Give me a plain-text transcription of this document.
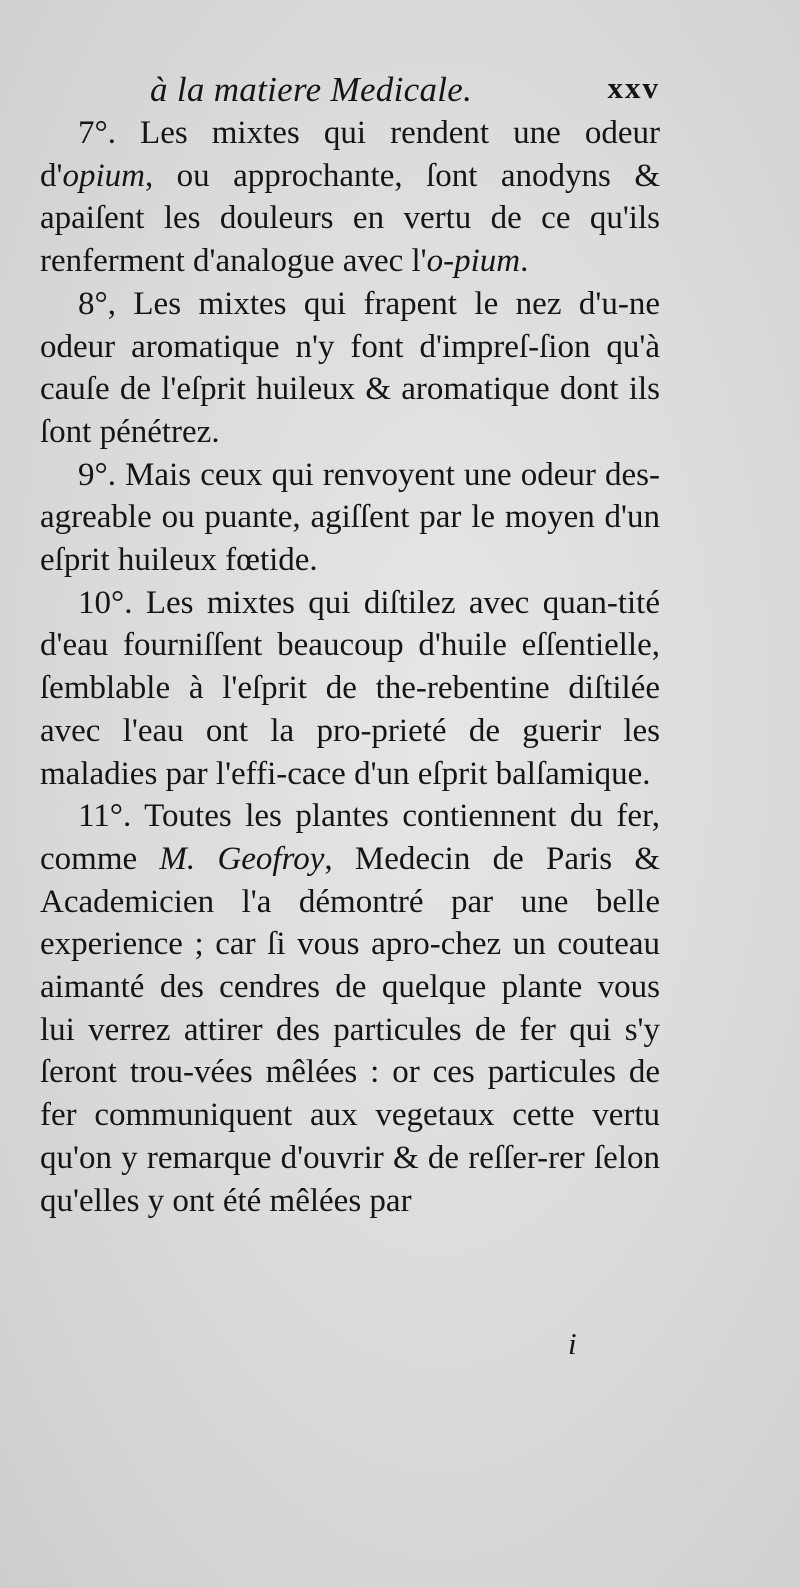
à la matiere Medicale.	xxv

7°. Les mixtes qui rendent une odeur d'opium, ou approchante, ſont anodyns & apaiſent les douleurs en vertu de ce qu'ils renferment d'analogue avec l'o-pium.

8°, Les mixtes qui frapent le nez d'u-ne odeur aromatique n'y font d'impreſ-ſion qu'à cauſe de l'eſprit huileux & aromatique dont ils ſont pénétrez.

9°. Mais ceux qui renvoyent une odeur des-agreable ou puante, agiſſent par le moyen d'un eſprit huileux fœtide.

10°. Les mixtes qui diſtilez avec quan-tité d'eau fourniſſent beaucoup d'huile eſſentielle, ſemblable à l'eſprit de the-rebentine diſtilée avec l'eau ont la pro-prieté de guerir les maladies par l'effi-cace d'un eſprit balſamique.

11°. Toutes les plantes contiennent du fer, comme M. Geofroy, Medecin de Paris & Academicien l'a démontré par une belle experience ; car ſi vous apro-chez un couteau aimanté des cendres de quelque plante vous lui verrez attirer des particules de fer qui s'y ſeront trou-vées mêlées : or ces particules de fer communiquent aux vegetaux cette vertu qu'on y remarque d'ouvrir & de reſſer-rer ſelon qu'elles y ont été mêlées par

i
